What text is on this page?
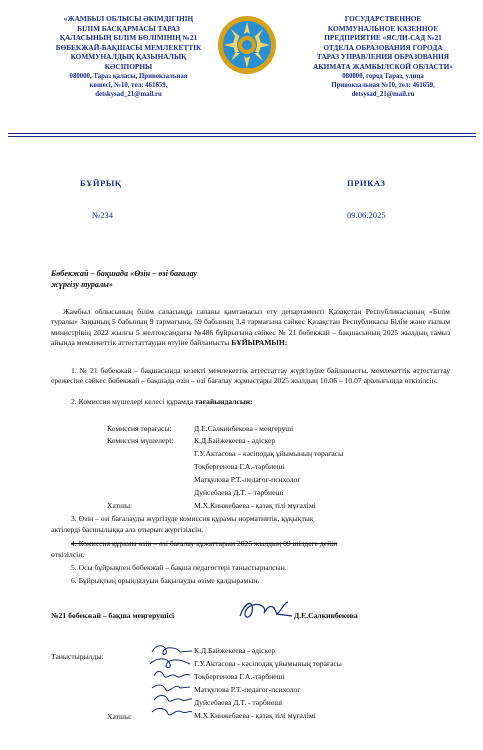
«ЖАМБЫЛ ОБЛЫСЫ ӘКІМДІГІНІҢ
БІЛІМ БАСҚАРМАСЫ ТАРАЗ
ҚАЛАСЫНЫҢ БІЛІМ БӨЛІМІНІҢ №21
БӨБЕКЖАЙ-БАҚШАСЫ МЕМЛЕКЕТТІК
КОММУНАЛДЫҚ ҚАЗЫНАЛЫҚ
КӘСІПОРНЫ
080000, Тараз қаласы, Привокзальная
көшесі, №10, тел: 461659,
detskysad_21@mail.ru
ГОСУДАРСТВЕННОЕ
КОММУНАЛЬНОЕ КАЗЕННОЕ
ПРЕДПРИЯТИЕ «ЯСЛИ-САД №21
ОТДЕЛА ОБРАЗОВАНИЯ ГОРОДА
ТАРАЗ УПРАВЛЕНИЯ ОБРАЗОВАНИЯ
АКИМАТА ЖАМБЫЛСКОЙ ОБЛАСТИ»
080000, город Тараз, улица
Привокзальная №10, тел: 461659,
detsysad_21@mail.ru
БҰЙРЫҚ	ПРИКАЗ
№234	09.06.2025
Бөбекжай – бақшада «Өзін – өзі бағалау
жүргізу туралы»
Жамбыл облысының білім саласында сапаны қамтамасыз ету департаменті Қазақстан Республикасының «Білім туралы» Заңының 5 бабының 9 тармағына, 59 бабының 3,4 тармағына сәйкес Қазақстан Республикасы Білім және ғылым министрінің 2022 жылғы 5 желтоқсандағы №486 бұйрығына сәйкес № 21 бөбекжай – бақшасының 2025 жылдың тамыз айында мемлекеттік аттестаттаудан өтуіне байланысты БҰЙЫРАМЫН:
1. № 21 бөбекжай – бақшасында кезекті мемлекеттік аттестаттау жүргізуіне байланысты, мемлекеттік аттестаттау ережесіне сәйкес бөбекжай – бақшада өзін – өзі бағалау жұмыстары 2025 жылдың 10.06 – 10.07 аралығында өткізілсін.
2. Комиссия мүшелері келесі құрамда тағайындалсын:
Комиссия төрағасы:	Д.Е.Салкинбекова - меңгеруші
Комиссия мүшелері:	К.Д.Байжекеева - әдіскер
Г.У.Актасова – кәсіподақ ұйымының төрағасы
Тоқбергенова Г.А.-тәрбиеші
Матқулова Р.Т.-педагог-психолог
Дуйсебаева Д.Т. – тәрбиеші
Хатшы:	М.Х.Кинжебаева - қазақ тілі мұғалімі
3. Өзін – өзі бағалауды жүргізуде комиссия құрамы нормативтік, құқықтық
актілерді басшылыққа ала отырып жүргізілсін.
4. Комиссия құрамы өзін – өзі бағалау құжаттарын 2025 жылдың 09 шілдеге дейін
өткізілсін.
5. Осы бұйрықпен бөбекжай – бақша педагогтері таныстырылсын.
6. Бұйрықтың орындалуын бақылауды өзіме қалдырамын.
№21 бөбекжай – бақша меңгерушісі	Д.Е.Салкинбекова
Таныстырылды:
К.Д.Байжекеева - әдіскер
Г.У.Актасова - кәсіподақ ұйымының төрағасы
Тоқбергенова Г.А.-тәрбиеші
Матқулова Р.Т.-педагог-психолог
Дуйсебаева Д.Т. - тәрбиеші
Хатшы:	М.Х.Кинжебаева - қазақ тілі мұғалімі
